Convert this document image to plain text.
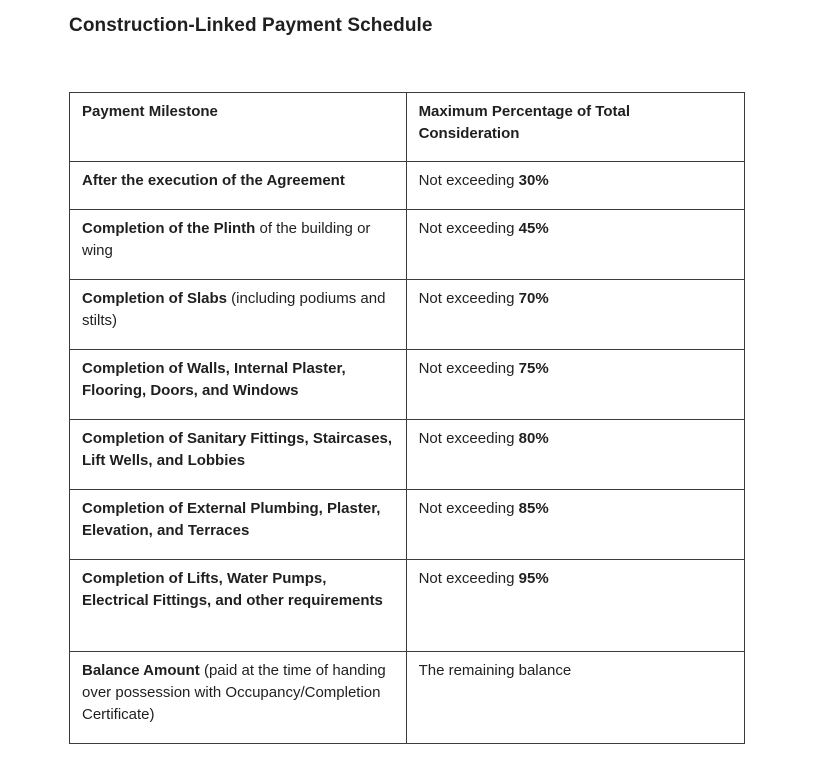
Construction-Linked Payment Schedule
Payment Milestone	Maximum Percentage of Total Consideration
After the execution of the Agreement	Not exceeding 30%
Completion of the Plinth of the building or wing	Not exceeding 45%
Completion of Slabs (including podiums and stilts)	Not exceeding 70%
Completion of Walls, Internal Plaster, Flooring, Doors, and Windows	Not exceeding 75%
Completion of Sanitary Fittings, Staircases, Lift Wells, and Lobbies	Not exceeding 80%
Completion of External Plumbing, Plaster, Elevation, and Terraces	Not exceeding 85%
Completion of Lifts, Water Pumps, Electrical Fittings, and other requirements	Not exceeding 95%
Balance Amount (paid at the time of handing over possession with Occupancy/Completion Certificate)	The remaining balance
